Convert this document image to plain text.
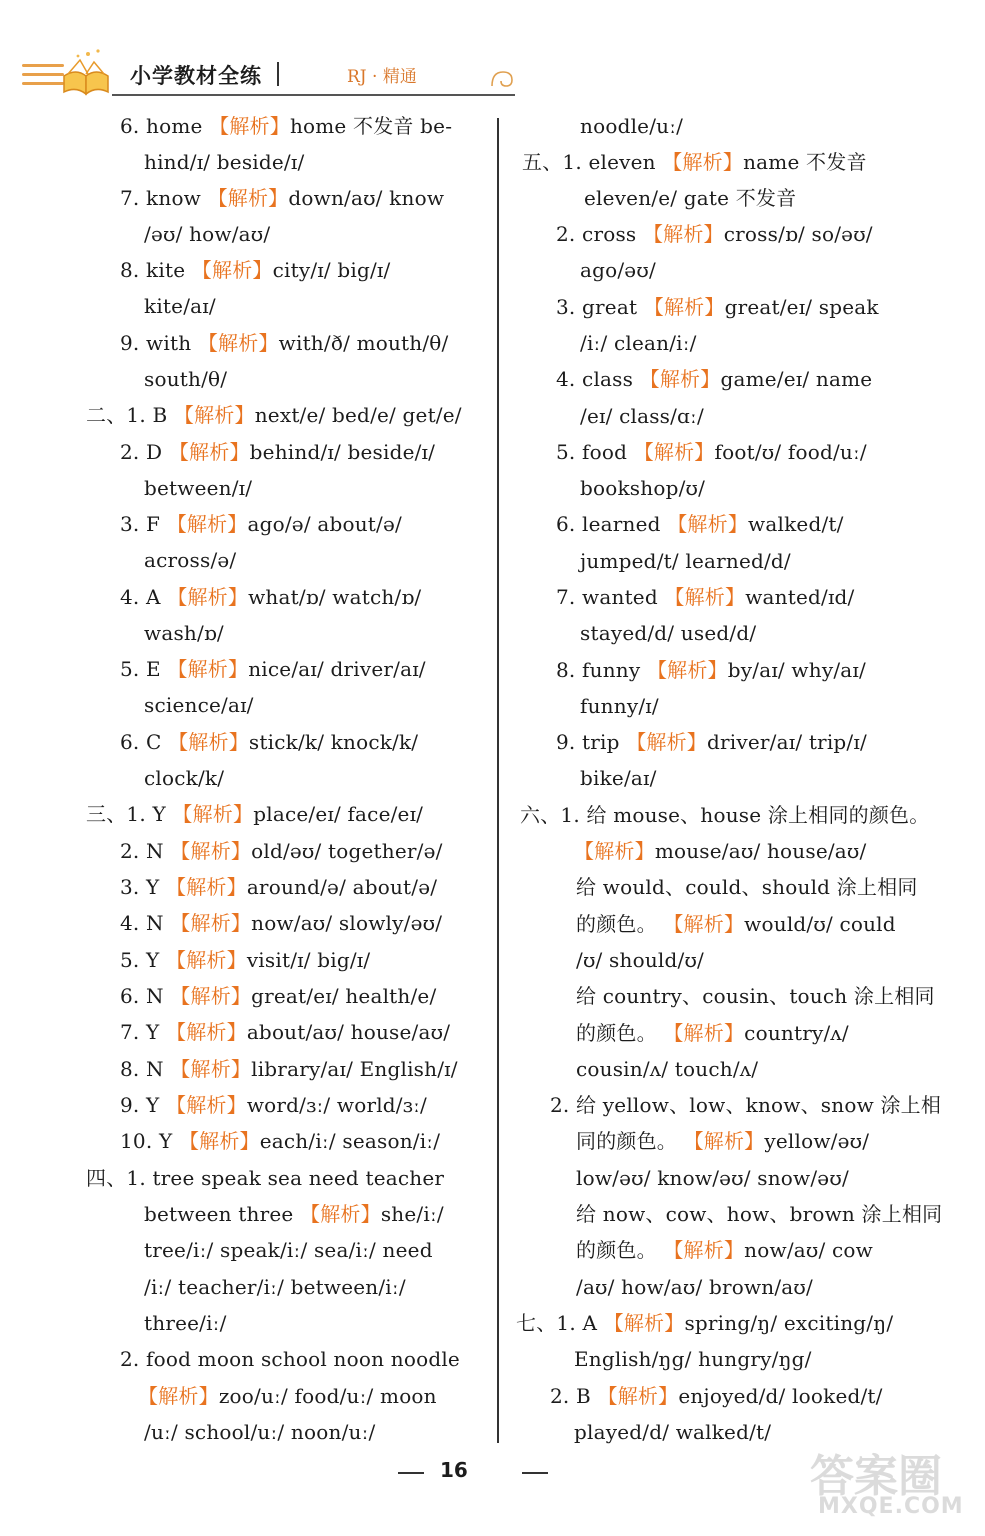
小学教材全练	RJ · 精通
6. home 【解析】home 不发音 be-
hind/ɪ/ beside/ɪ/
7. know 【解析】down/aʊ/ know
/əʊ/ how/aʊ/
8. kite 【解析】city/ɪ/ big/ɪ/
kite/aɪ/
9. with 【解析】with/ð/ mouth/θ/
south/θ/
二、1. B 【解析】next/e/ bed/e/ get/e/
2. D 【解析】behind/ɪ/ beside/ɪ/
between/ɪ/
3. F 【解析】ago/ə/ about/ə/
across/ə/
4. A 【解析】what/ɒ/ watch/ɒ/
wash/ɒ/
5. E 【解析】nice/aɪ/ driver/aɪ/
science/aɪ/
6. C 【解析】stick/k/ knock/k/
clock/k/
三、1. Y 【解析】place/eɪ/ face/eɪ/
2. N 【解析】old/əʊ/ together/ə/
3. Y 【解析】around/ə/ about/ə/
4. N 【解析】now/aʊ/ slowly/əʊ/
5. Y 【解析】visit/ɪ/ big/ɪ/
6. N 【解析】great/eɪ/ health/e/
7. Y 【解析】about/aʊ/ house/aʊ/
8. N 【解析】library/aɪ/ English/ɪ/
9. Y 【解析】word/ɜː/ world/ɜː/
10. Y 【解析】each/iː/ season/iː/
四、1. tree speak sea need teacher
between three 【解析】she/iː/
tree/iː/ speak/iː/ sea/iː/ need
/iː/ teacher/iː/ between/iː/
three/iː/
2. food moon school noon noodle
【解析】zoo/uː/ food/uː/ moon
/uː/ school/uː/ noon/uː/
noodle/uː/
五、1. eleven 【解析】name 不发音
eleven/e/ gate 不发音
2. cross 【解析】cross/ɒ/ so/əʊ/
ago/əʊ/
3. great 【解析】great/eɪ/ speak
/iː/ clean/iː/
4. class 【解析】game/eɪ/ name
/eɪ/ class/ɑː/
5. food 【解析】foot/ʊ/ food/uː/
bookshop/ʊ/
6. learned 【解析】walked/t/
jumped/t/ learned/d/
7. wanted 【解析】wanted/ɪd/
stayed/d/ used/d/
8. funny 【解析】by/aɪ/ why/aɪ/
funny/ɪ/
9. trip 【解析】driver/aɪ/ trip/ɪ/
bike/aɪ/
六、1. 给 mouse、house 涂上相同的颜色。
【解析】mouse/aʊ/ house/aʊ/
给 would、could、should 涂上相同
的颜色。 【解析】would/ʊ/ could
/ʊ/ should/ʊ/
给 country、cousin、touch 涂上相同
的颜色。 【解析】country/ʌ/
cousin/ʌ/ touch/ʌ/
2. 给 yellow、low、know、snow 涂上相
同的颜色。 【解析】yellow/əʊ/
low/əʊ/ know/əʊ/ snow/əʊ/
给 now、cow、how、brown 涂上相同
的颜色。 【解析】now/aʊ/ cow
/aʊ/ how/aʊ/ brown/aʊ/
七、1. A 【解析】spring/ŋ/ exciting/ŋ/
English/ŋg/ hungry/ŋg/
2. B 【解析】enjoyed/d/ looked/t/
played/d/ walked/t/
16	答案圈
MXQE.COM
